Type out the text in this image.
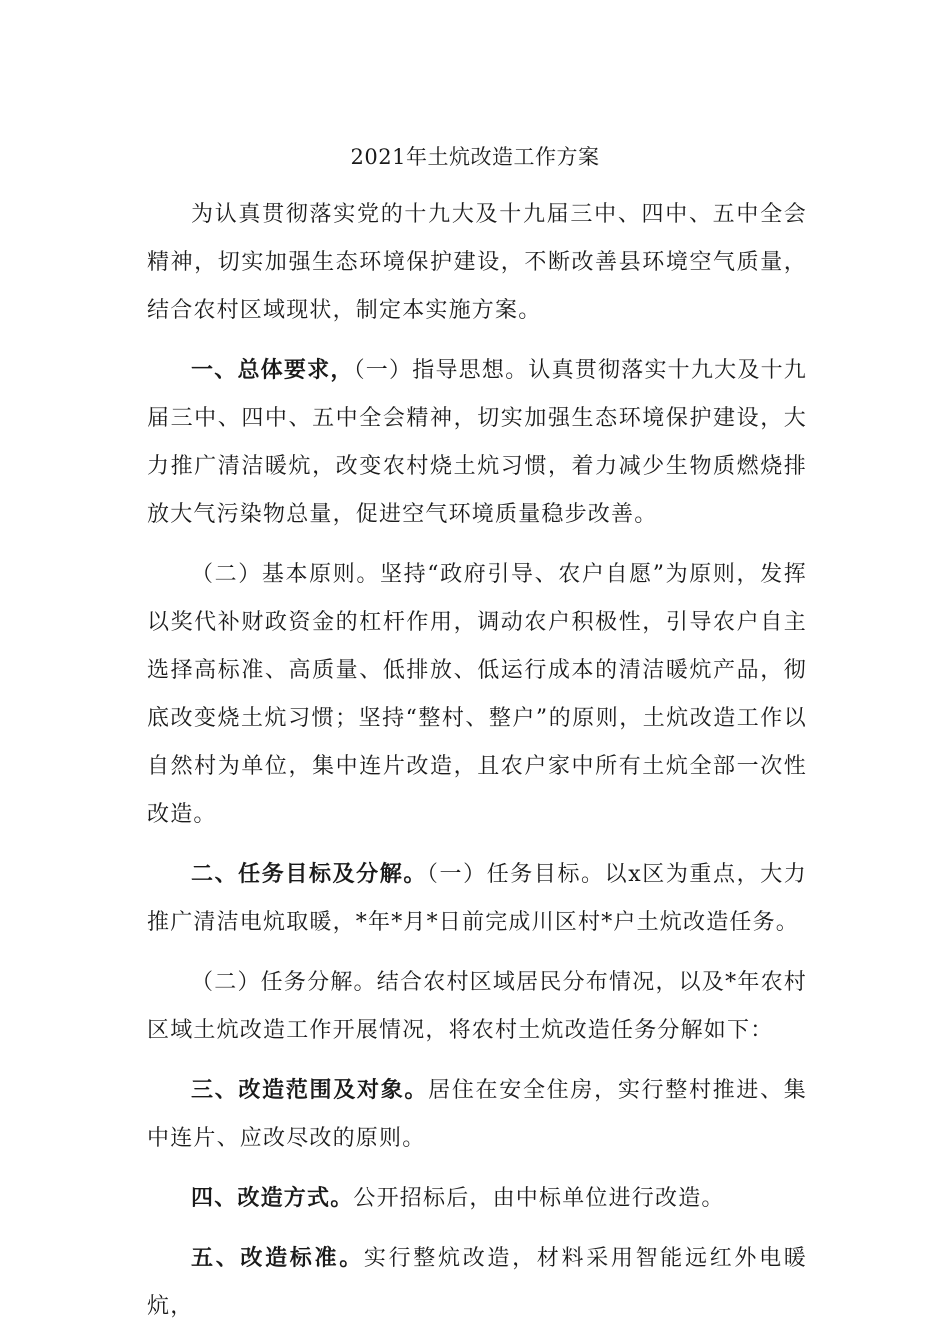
2021年土炕改造工作方案

为认真贯彻落实党的十九大及十九届三中、四中、五中全会精神，切实加强生态环境保护建设，不断改善县环境空气质量，结合农村区域现状，制定本实施方案。

一、总体要求，（一）指导思想。认真贯彻落实十九大及十九届三中、四中、五中全会精神，切实加强生态环境保护建设，大力推广清洁暖炕，改变农村烧土炕习惯，着力减少生物质燃烧排放大气污染物总量，促进空气环境质量稳步改善。

（二）基本原则。坚持“政府引导、农户自愿”为原则，发挥以奖代补财政资金的杠杆作用，调动农户积极性，引导农户自主选择高标准、高质量、低排放、低运行成本的清洁暖炕产品，彻底改变烧土炕习惯；坚持“整村、整户”的原则，土炕改造工作以自然村为单位，集中连片改造，且农户家中所有土炕全部一次性改造。

二、任务目标及分解。（一）任务目标。以x区为重点，大力推广清洁电炕取暖，*年*月*日前完成川区村*户土炕改造任务。

（二）任务分解。结合农村区域居民分布情况，以及*年农村区域土炕改造工作开展情况，将农村土炕改造任务分解如下：

三、改造范围及对象。居住在安全住房，实行整村推进、集中连片、应改尽改的原则。

四、改造方式。公开招标后，由中标单位进行改造。

五、改造标准。实行整炕改造，材料采用智能远红外电暖炕，
